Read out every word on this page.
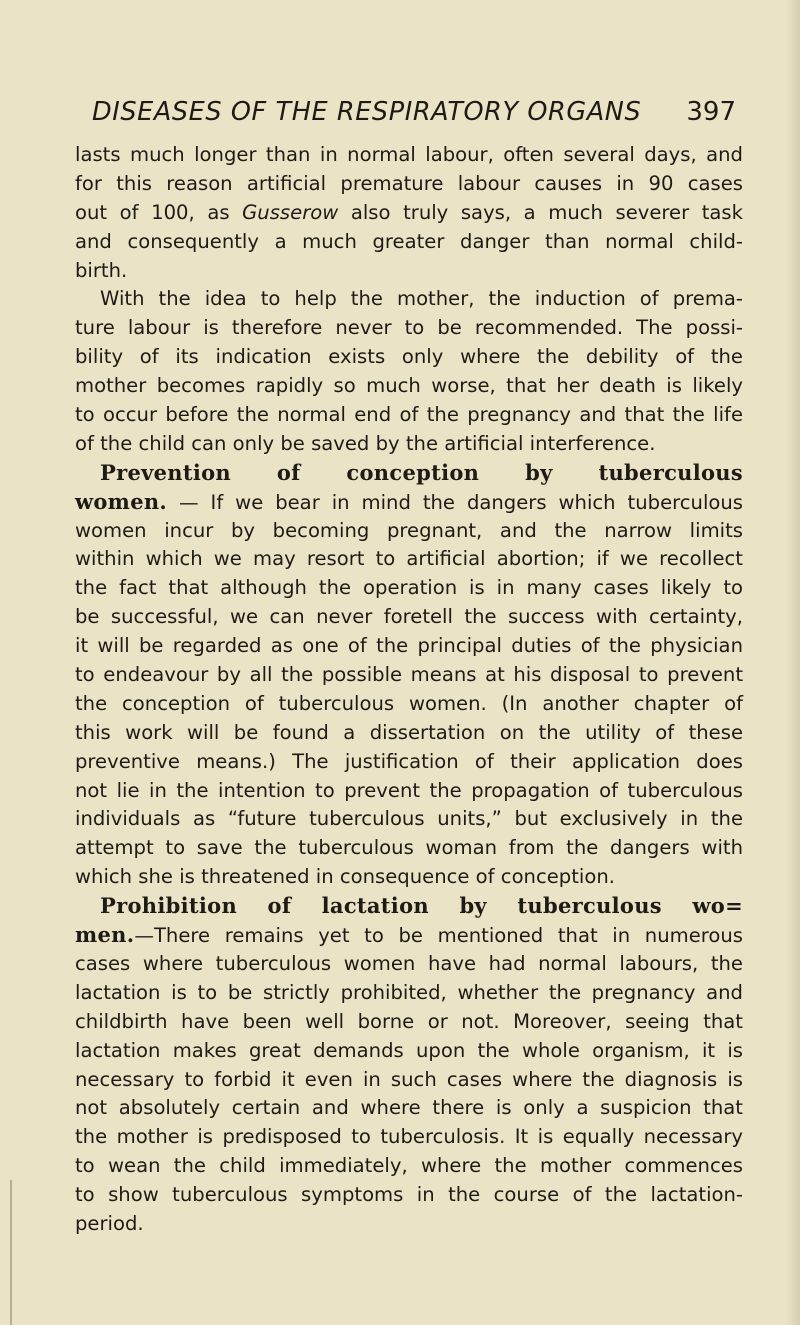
DISEASES OF THE RESPIRATORY ORGANS 397

lasts much longer than in normal labour, often several days, and
for this reason artificial premature labour causes in 90 cases
out of 100, as Gusserow also truly says, a much severer task
and consequently a much greater danger than normal child-
birth.

With the idea to help the mother, the induction of prema-
ture labour is therefore never to be recommended. The possi-
bility of its indication exists only where the debility of the
mother becomes rapidly so much worse, that her death is likely
to occur before the normal end of the pregnancy and that the life
of the child can only be saved by the artificial interference.

Prevention of conception by tuberculous
women. — If we bear in mind the dangers which tuberculous
women incur by becoming pregnant, and the narrow limits
within which we may resort to artificial abortion; if we recollect
the fact that although the operation is in many cases likely to
be successful, we can never foretell the success with certainty,
it will be regarded as one of the principal duties of the physician
to endeavour by all the possible means at his disposal to prevent
the conception of tuberculous women. (In another chapter of
this work will be found a dissertation on the utility of these
preventive means.) The justification of their application does
not lie in the intention to prevent the propagation of tuberculous
individuals as “future tuberculous units,” but exclusively in the
attempt to save the tuberculous woman from the dangers with
which she is threatened in consequence of conception.

Prohibition of lactation by tuberculous wo=
men.—There remains yet to be mentioned that in numerous
cases where tuberculous women have had normal labours, the
lactation is to be strictly prohibited, whether the pregnancy and
childbirth have been well borne or not. Moreover, seeing that
lactation makes great demands upon the whole organism, it is
necessary to forbid it even in such cases where the diagnosis is
not absolutely certain and where there is only a suspicion that
the mother is predisposed to tuberculosis. It is equally necessary
to wean the child immediately, where the mother commences
to show tuberculous symptoms in the course of the lactation-
period.
